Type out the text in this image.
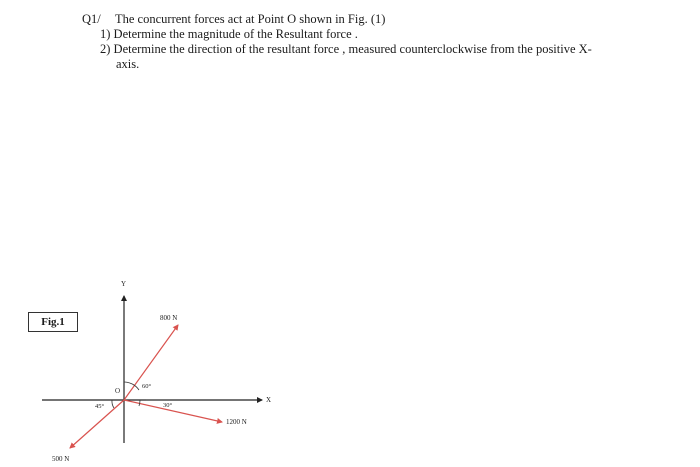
Q1/ The concurrent forces act at Point O shown in Fig. (1)
1) Determine the magnitude of the Resultant force .
2) Determine the direction of the resultant force , measured counterclockwise from the positive X-
axis.
Fig.1
Y
X
O
800 N
1200 N
500 N
60°
30°
45°
